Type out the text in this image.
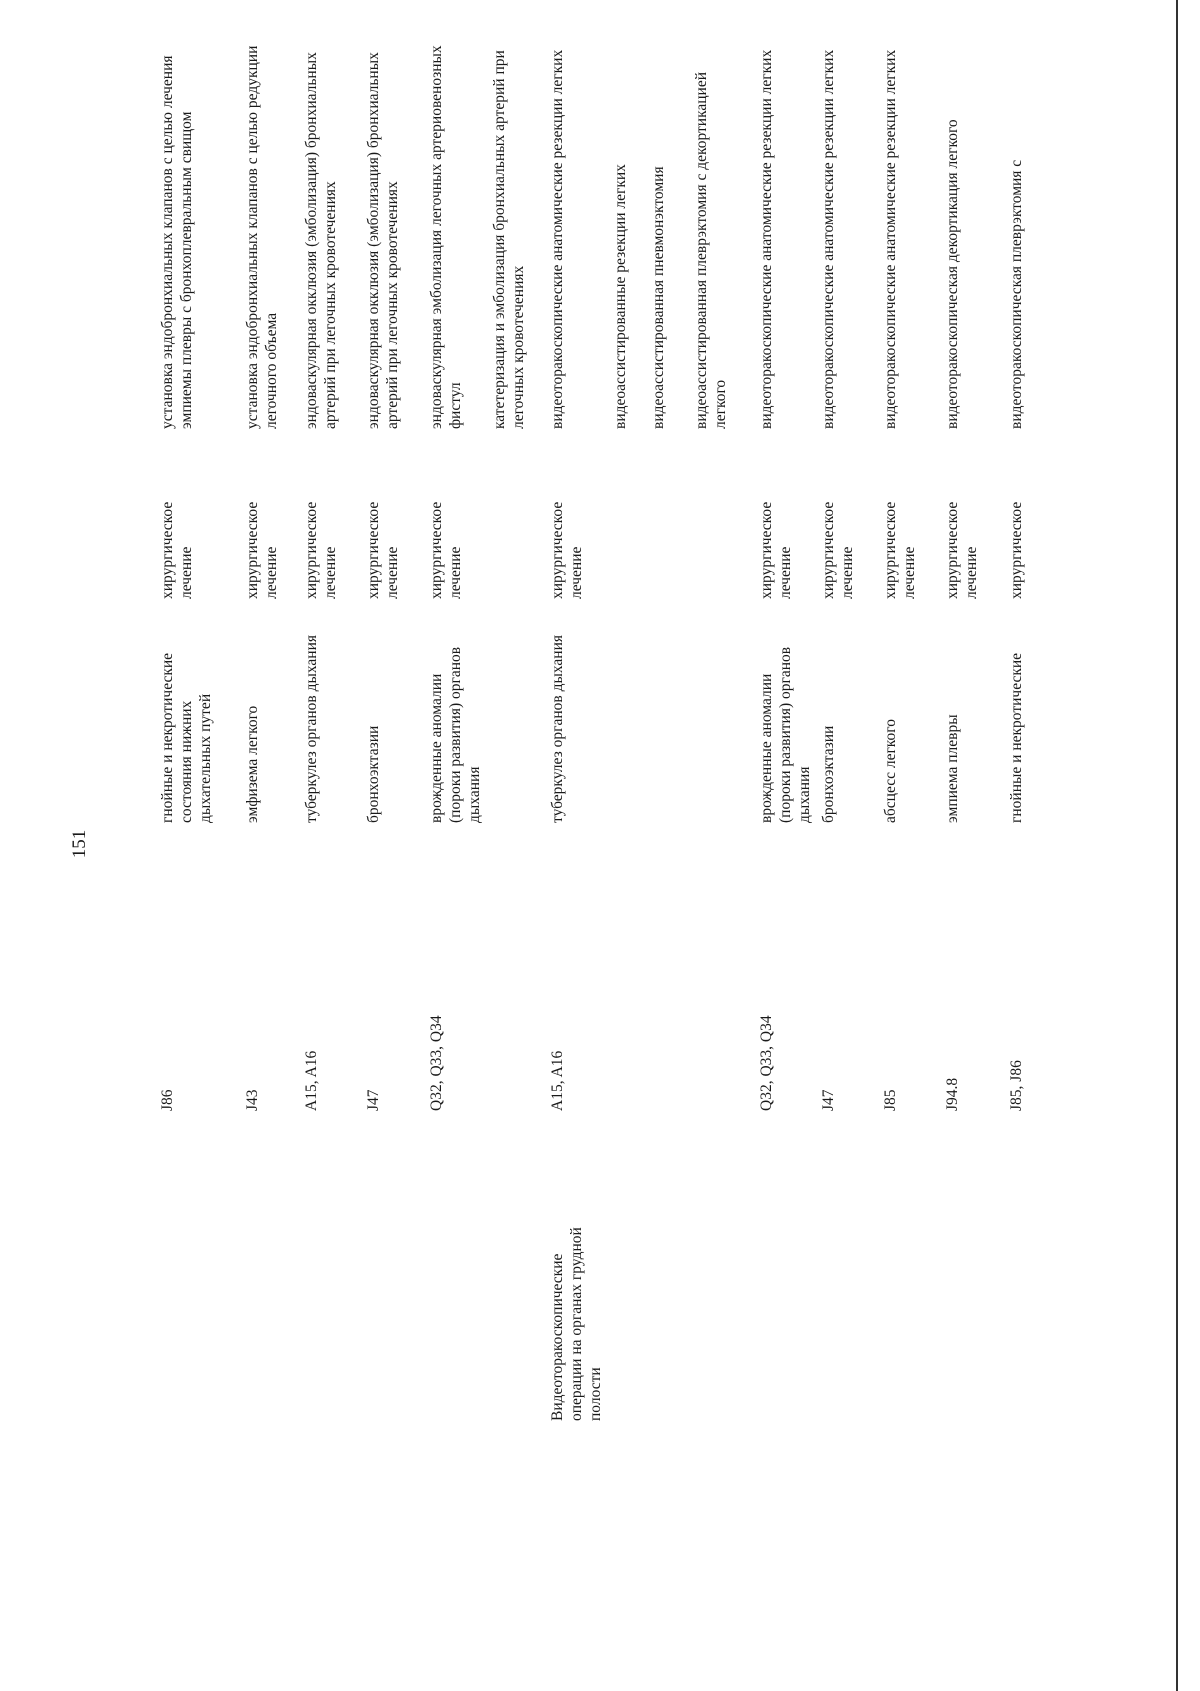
151
J86
гнойные и некротические состояния нижних дыхательных путей
хирургическое лечение
установка эндобронхиальных клапанов с целью лечения эмпиемы плевры с бронхоплевральным свищом
J43
эмфизема легкого
хирургическое лечение
установка эндобронхиальных клапанов с целью редукции легочного объема
A15, A16
туберкулез органов дыхания
хирургическое лечение
эндоваскулярная окклюзия (эмболизация) бронхиальных артерий при легочных кровотечениях
J47
бронхоэктазии
хирургическое лечение
эндоваскулярная окклюзия (эмболизация) бронхиальных артерий при легочных кровотечениях
Q32, Q33, Q34
врожденные аномалии (пороки развития) органов дыхания
хирургическое лечение
эндоваскулярная эмболизация легочных артериовенозных фистул катетеризация и эмболизация бронхиальных артерий при легочных кровотечениях
Видеоторакоскопические операции на органах грудной полости
A15, A16
туберкулез органов дыхания
хирургическое лечение
видеоторакоскопические анатомические резекции легких	видеоассистированные резекции легких видеоассистированная пневмонэктомия видеоассистированная плеврэктомия с декортикацией легкого
Q32, Q33, Q34
врожденные аномалии (пороки развития) органов дыхания
хирургическое лечение
видеоторакоскопические анатомические резекции легких
J47
бронхоэктазии
хирургическое лечение
видеоторакоскопические анатомические резекции легких
J85
абсцесс легкого
хирургическое лечение
видеоторакоскопические анатомические резекции легких
J94.8
эмпиема плевры
хирургическое лечение
видеоторакоскопическая декортикация легкого
J85, J86
гнойные и некротические
хирургическое
видеоторакоскопическая плеврэктомия с
